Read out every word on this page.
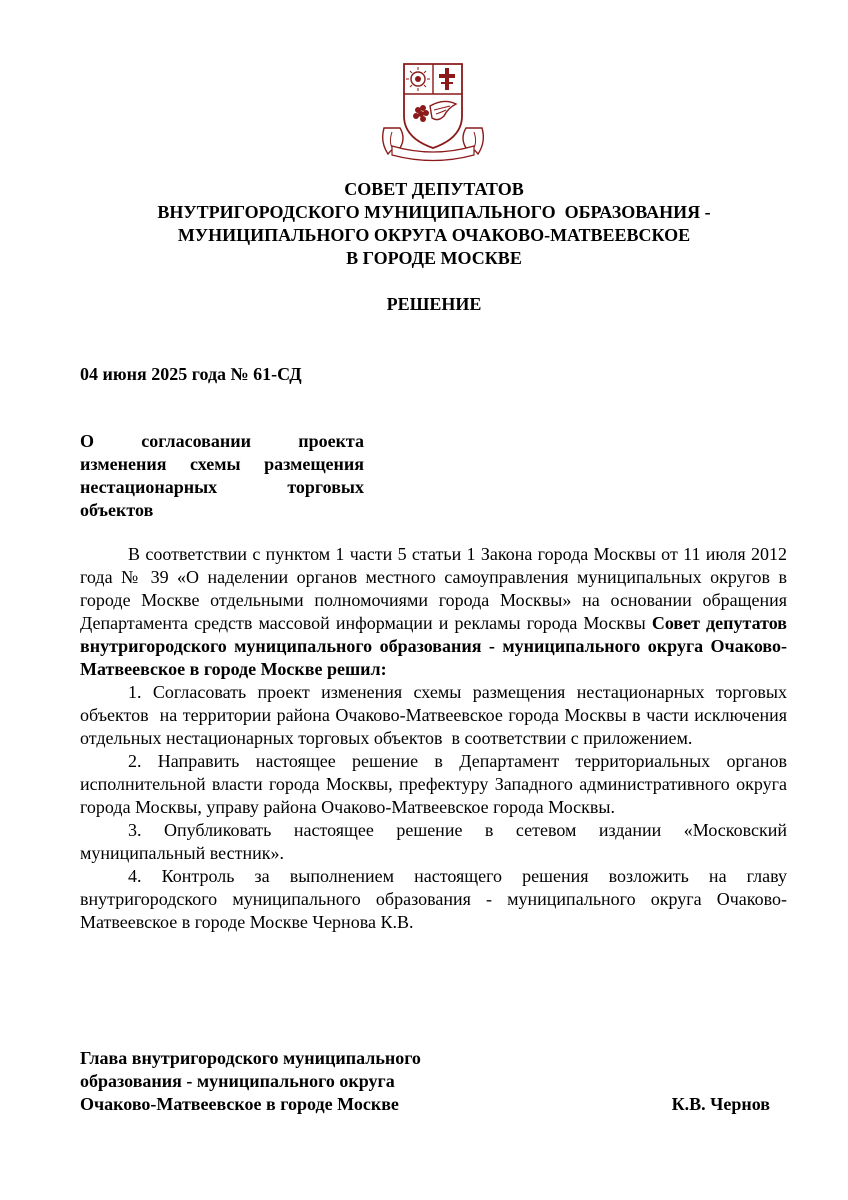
СОВЕТ ДЕПУТАТОВ
ВНУТРИГОРОДСКОГО МУНИЦИПАЛЬНОГО  ОБРАЗОВАНИЯ -
МУНИЦИПАЛЬНОГО ОКРУГА ОЧАКОВО-МАТВЕЕВСКОЕ
В ГОРОДЕ МОСКВЕ
РЕШЕНИЕ
04 июня 2025 года № 61-СД
О согласовании проекта
изменения схемы размещения
нестационарных торговых
объектов

В соответствии с пунктом 1 части 5 статьи 1 Закона города Москвы от 11 июля 2012 года № 39 «О наделении органов местного самоуправления муниципальных округов в городе Москве отдельными полномочиями города Москвы» на основании обращения Департамента средств массовой информации и рекламы города Москвы Совет депутатов внутригородского муниципального образования - муниципального округа Очаково-Матвеевское в городе Москве решил:

1. Согласовать проект изменения схемы размещения нестационарных торговых объектов  на территории района Очаково-Матвеевское города Москвы в части исключения отдельных нестационарных торговых объектов  в соответствии с приложением.

2. Направить настоящее решение в Департамент территориальных органов исполнительной власти города Москвы, префектуру Западного административного округа города Москвы, управу района Очаково-Матвеевское города Москвы.

3. Опубликовать настоящее решение в сетевом издании «Московский муниципальный вестник».

4. Контроль за выполнением настоящего решения возложить на главу внутригородского муниципального образования - муниципального округа Очаково-Матвеевское в городе Москве Чернова К.В.

Глава внутригородского муниципального
образования - муниципального округа
Очаково-Матвеевское в городе Москве	К.В. Чернов
